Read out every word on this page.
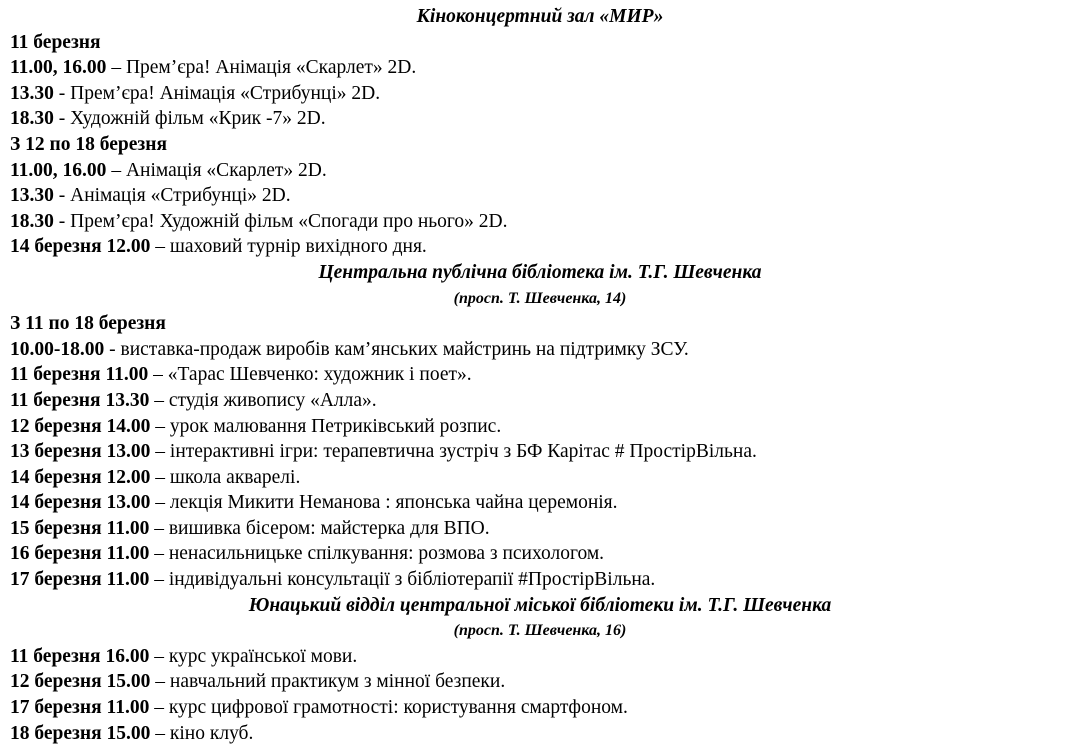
Кіноконцертний зал «МИР»
11 березня
11.00, 16.00 – Прем’єра! Анімація «Скарлет» 2D.
13.30 - Прем’єра! Анімація «Стрибунці» 2D.
18.30 - Художній фільм «Крик -7» 2D.
З 12 по 18 березня
11.00, 16.00 – Анімація «Скарлет» 2D.
13.30 - Анімація «Стрибунці» 2D.
18.30 - Прем’єра! Художній фільм «Спогади про нього» 2D.
14 березня 12.00 – шаховий турнір вихідного дня.
Центральна публічна бібліотека ім. Т.Г. Шевченка
(просп. Т. Шевченка, 14)
З 11 по 18 березня
10.00-18.00 - виставка-продаж виробів кам’янських майстринь на підтримку ЗСУ.
11 березня 11.00 – «Тарас Шевченко: художник і поет».
11 березня 13.30 – студія живопису «Алла».
12 березня 14.00 – урок малювання Петриківський розпис.
13 березня 13.00 – інтерактивні ігри: терапевтична зустріч з БФ Карітас # ПростірВільна.
14 березня 12.00 – школа акварелі.
14 березня 13.00 – лекція Микити Неманова : японська чайна церемонія.
15 березня 11.00 – вишивка бісером: майстерка для ВПО.
16 березня 11.00 – ненасильницьке спілкування: розмова з психологом.
17 березня 11.00 – індивідуальні консультації з бібліотерапії #ПростірВільна.
Юнацький відділ центральної міської бібліотеки ім. Т.Г. Шевченка
(просп. Т. Шевченка, 16)
11 березня 16.00 – курс української мови.
12 березня 15.00 – навчальний практикум з мінної безпеки.
17 березня 11.00 – курс цифрової грамотності: користування смартфоном.
18 березня 15.00 – кіно клуб.
